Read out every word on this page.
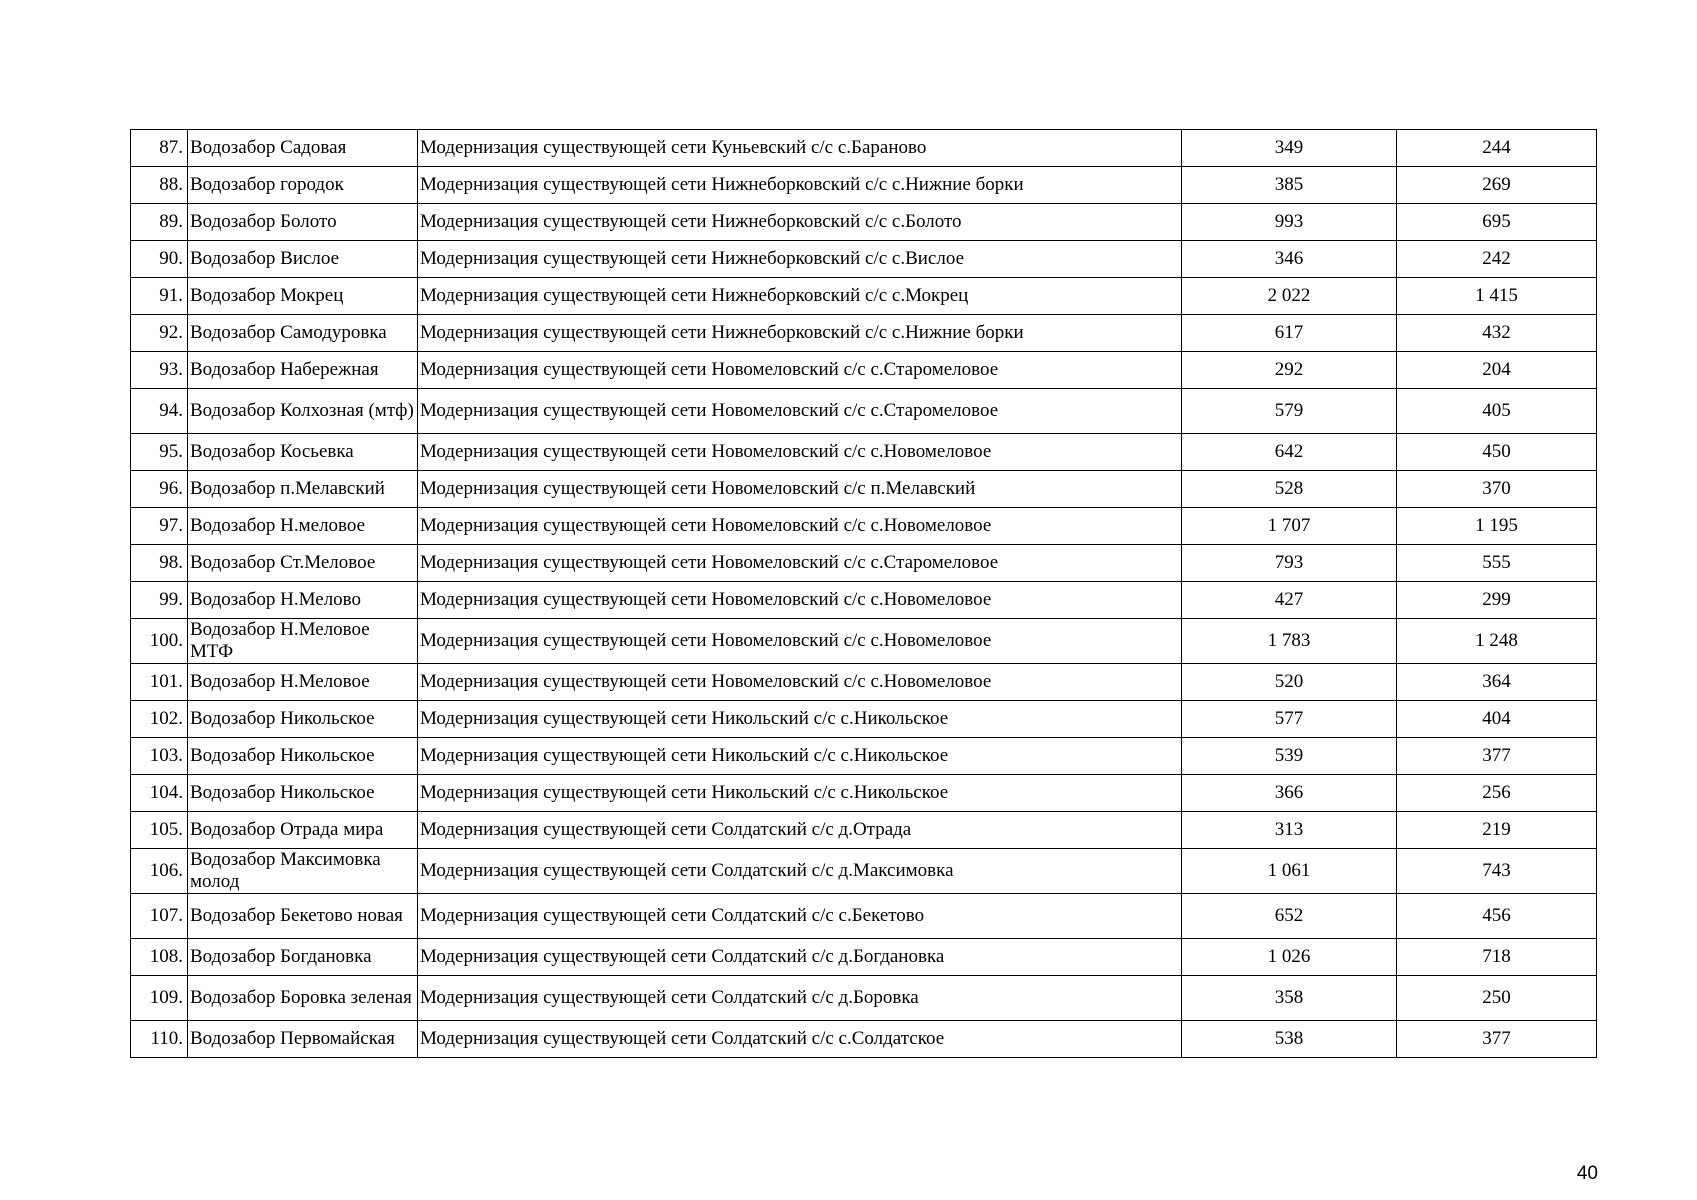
87.	Водозабор Садовая	Модернизация существующей сети Куньевский с/с с.Бараново	349	244
88.	Водозабор городок	Модернизация существующей сети Нижнеборковский с/с с.Нижние борки	385	269
89.	Водозабор Болото	Модернизация существующей сети Нижнеборковский с/с с.Болото	993	695
90.	Водозабор Вислое	Модернизация существующей сети Нижнеборковский с/с с.Вислое	346	242
91.	Водозабор Мокрец	Модернизация существующей сети Нижнеборковский с/с с.Мокрец	2 022	1 415
92.	Водозабор Самодуровка	Модернизация существующей сети Нижнеборковский с/с с.Нижние борки	617	432
93.	Водозабор Набережная	Модернизация существующей сети Новомеловский с/с с.Старомеловое	292	204
94.	Водозабор Колхозная (мтф)	Модернизация существующей сети Новомеловский с/с с.Старомеловое	579	405
95.	Водозабор Косьевка	Модернизация существующей сети Новомеловский с/с с.Новомеловое	642	450
96.	Водозабор п.Мелавский	Модернизация существующей сети Новомеловский с/с п.Мелавский	528	370
97.	Водозабор Н.меловое	Модернизация существующей сети Новомеловский с/с с.Новомеловое	1 707	1 195
98.	Водозабор Ст.Меловое	Модернизация существующей сети Новомеловский с/с с.Старомеловое	793	555
99.	Водозабор Н.Мелово	Модернизация существующей сети Новомеловский с/с с.Новомеловое	427	299
100.	Водозабор Н.Меловое МТФ	Модернизация существующей сети Новомеловский с/с с.Новомеловое	1 783	1 248
101.	Водозабор Н.Меловое	Модернизация существующей сети Новомеловский с/с с.Новомеловое	520	364
102.	Водозабор Никольское	Модернизация существующей сети Никольский с/с с.Никольское	577	404
103.	Водозабор Никольское	Модернизация существующей сети Никольский с/с с.Никольское	539	377
104.	Водозабор Никольское	Модернизация существующей сети Никольский с/с с.Никольское	366	256
105.	Водозабор Отрада мира	Модернизация существующей сети Солдатский с/с д.Отрада	313	219
106.	Водозабор Максимовка молод	Модернизация существующей сети Солдатский с/с д.Максимовка	1 061	743
107.	Водозабор Бекетово новая	Модернизация существующей сети Солдатский с/с с.Бекетово	652	456
108.	Водозабор Богдановка	Модернизация существующей сети Солдатский с/с д.Богдановка	1 026	718
109.	Водозабор Боровка зеленая	Модернизация существующей сети Солдатский с/с д.Боровка	358	250
110.	Водозабор Первомайская	Модернизация существующей сети Солдатский с/с с.Солдатское	538	377
40
